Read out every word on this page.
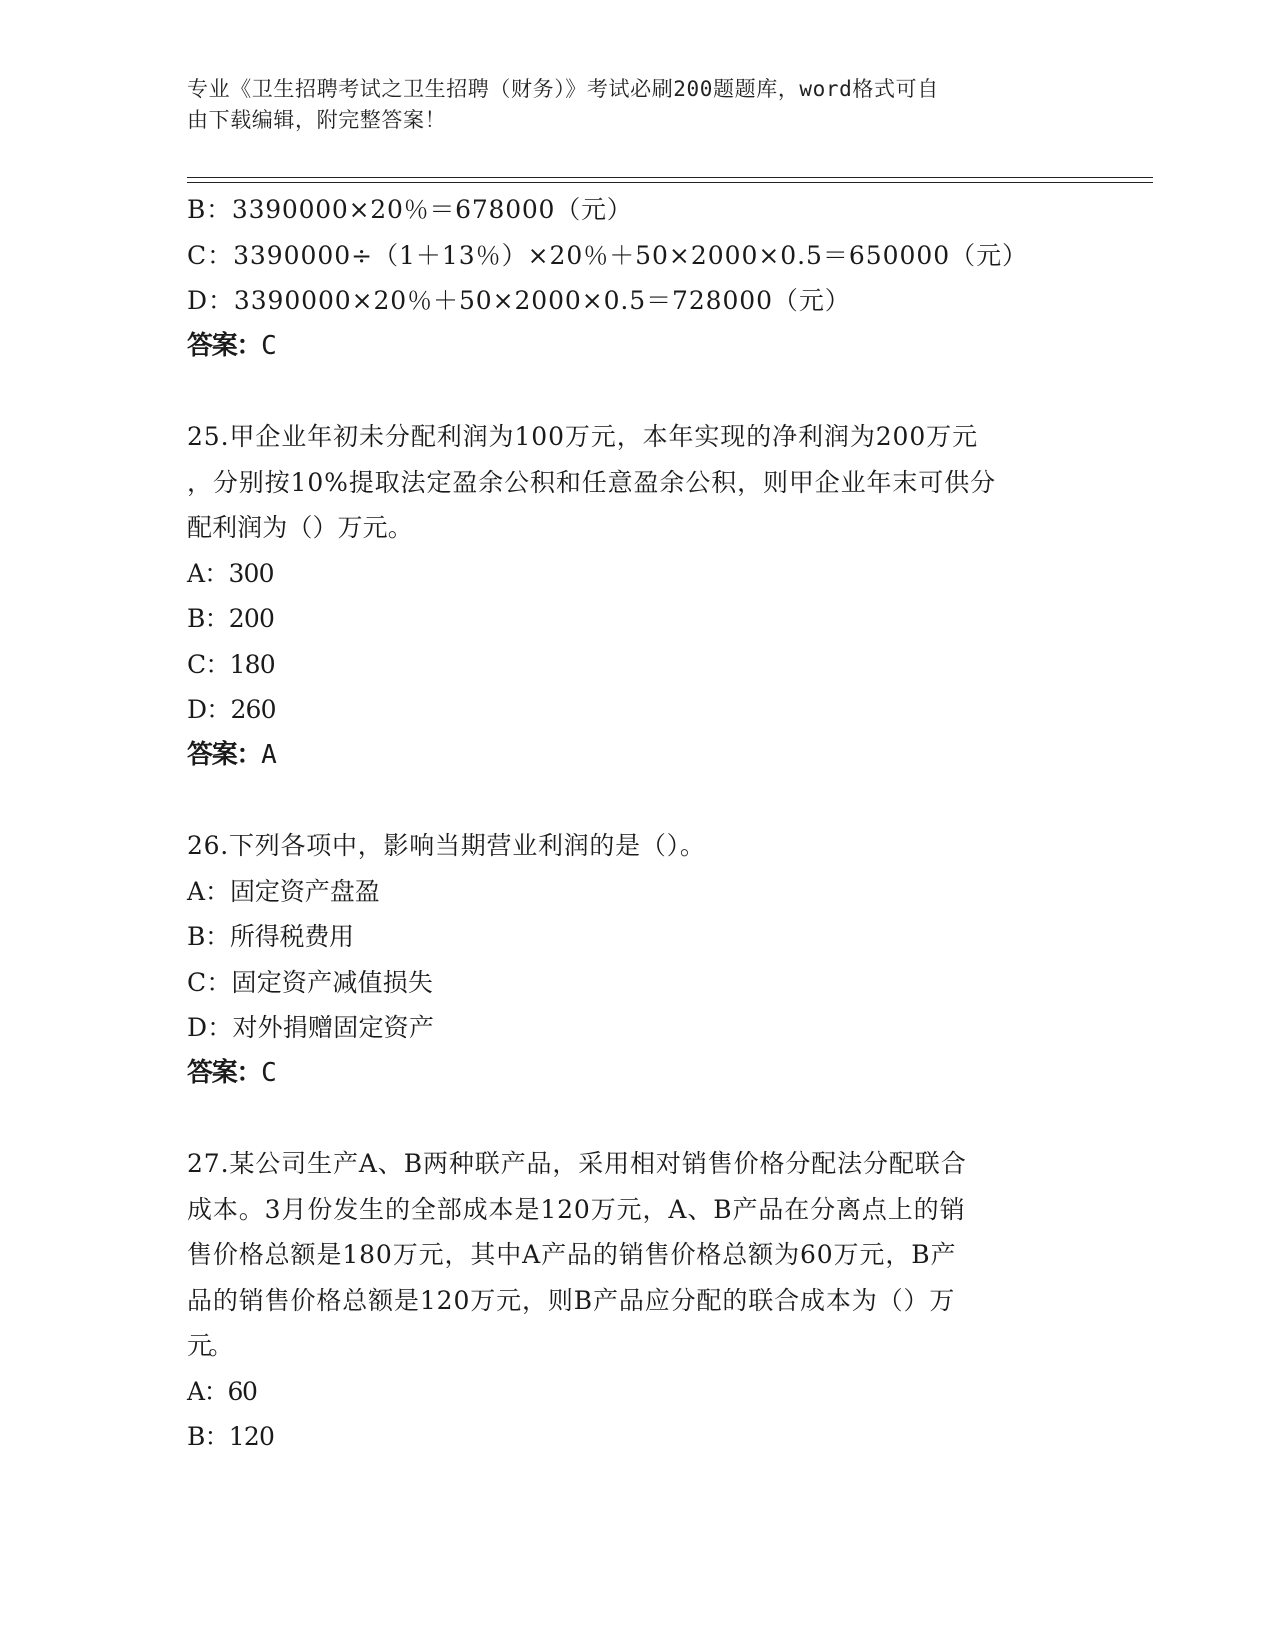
专业《卫生招聘考试之卫生招聘（财务）》考试必刷200题题库，word格式可自
由下载编辑，附完整答案！
B：3390000×20％＝678000（元）
C：3390000÷（1＋13％）×20％＋50×2000×0.5＝650000（元）
D：3390000×20％＋50×2000×0.5＝728000（元）
答案：C
25.甲企业年初未分配利润为100万元，本年实现的净利润为200万元
，分别按10%提取法定盈余公积和任意盈余公积，则甲企业年末可供分
配利润为（）万元。
A：300
B：200
C：180
D：260
答案：A
26.下列各项中，影响当期营业利润的是（）。
A：固定资产盘盈
B：所得税费用
C：固定资产减值损失
D：对外捐赠固定资产
答案：C
27.某公司生产A、B两种联产品，采用相对销售价格分配法分配联合
成本。3月份发生的全部成本是120万元，A、B产品在分离点上的销
售价格总额是180万元，其中A产品的销售价格总额为60万元，B产
品的销售价格总额是120万元，则B产品应分配的联合成本为（）万
元。
A：60
B：120
